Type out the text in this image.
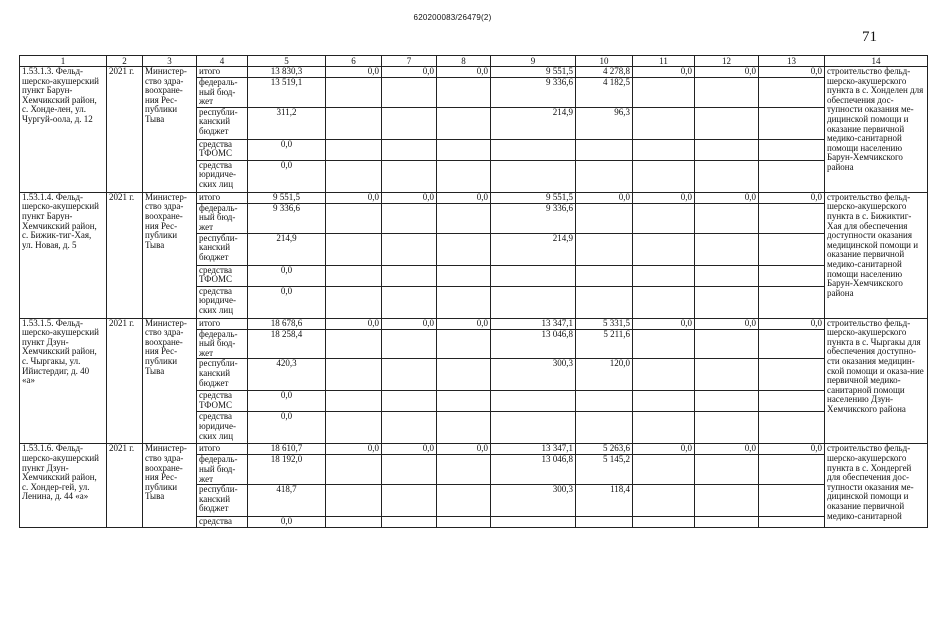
620200083/26479(2)
71
1	2	3	4	5	6	7	8	9	10	11	12	13	14
1.53.1.3. Фельд-шерско-акушерский пункт Барун-Хемчикский район, с. Хонде-лен, ул. Чургуй-оола, д. 12	2021 г.	Министер-ство здра-воохране-ния Рес-публики Тыва	итого	13 830,3	0,0	0,0	0,0	9 551,5	4 278,8	0,0	0,0	0,0	строительство фельд-шерско-акушерского пункта в с. Хонделен для обеспечения дос-тупности оказания ме-дицинской помощи и оказание первичной медико-санитарной помощи населению Барун-Хемчикского района
			федераль-ный бюд-жет	13 519,1				9 336,6	4 182,5				
			республи-канский бюджет	311,2				214,9	96,3				
			средства ТФОМС	0,0									
			средства юридиче-ских лиц	0,0									
1.53.1.4. Фельд-шерско-акушерский пункт Барун-Хемчикский район, с. Бижик-тиг-Хая, ул. Новая, д. 5	2021 г.	Министер-ство здра-воохране-ния Рес-публики Тыва	итого	9 551,5	0,0	0,0	0,0	9 551,5	0,0	0,0	0,0	0,0	строительство фельд-шерско-акушерского пункта в с. Бижиктиг-Хая для обеспечения доступности оказания медицинской помощи и оказание первичной медико-санитарной помощи населению Барун-Хемчикского района
			федераль-ный бюд-жет	9 336,6				9 336,6					
			республи-канский бюджет	214,9				214,9					
			средства ТФОМС	0,0									
			средства юридиче-ских лиц	0,0									
1.53.1.5. Фельд-шерско-акушерский пункт Дзун-Хемчикский район, с. Чыргакы, ул. Ийистердиг, д. 40 «а»	2021 г.	Министер-ство здра-воохране-ния Рес-публики Тыва	итого	18 678,6	0,0	0,0	0,0	13 347,1	5 331,5	0,0	0,0	0,0	строительство фельд-шерско-акушерского пункта в с. Чыргакы для обеспечения доступно-сти оказания медицин-ской помощи и оказа-ние первичной медико-санитарной помощи населению Дзун-Хемчикского района
			федераль-ный бюд-жет	18 258,4				13 046,8	5 211,6				
			республи-канский бюджет	420,3				300,3	120,0				
			средства ТФОМС	0,0									
			средства юридиче-ских лиц	0,0									
1.53.1.6. Фельд-шерско-акушерский пункт Дзун-Хемчикский район, с. Хондер-гей, ул. Ленина, д. 44 «а»	2021 г.	Министер-ство здра-воохране-ния Рес-публики Тыва	итого	18 610,7	0,0	0,0	0,0	13 347,1	5 263,6	0,0	0,0	0,0	строительство фельд-шерско-акушерского пункта в с. Хондергей для обеспечения дос-тупности оказания ме-дицинской помощи и оказание первичной медико-санитарной
			федераль-ный бюд-жет	18 192,0				13 046,8	5 145,2				
			республи-канский бюджет	418,7				300,3	118,4				
			средства	0,0									
